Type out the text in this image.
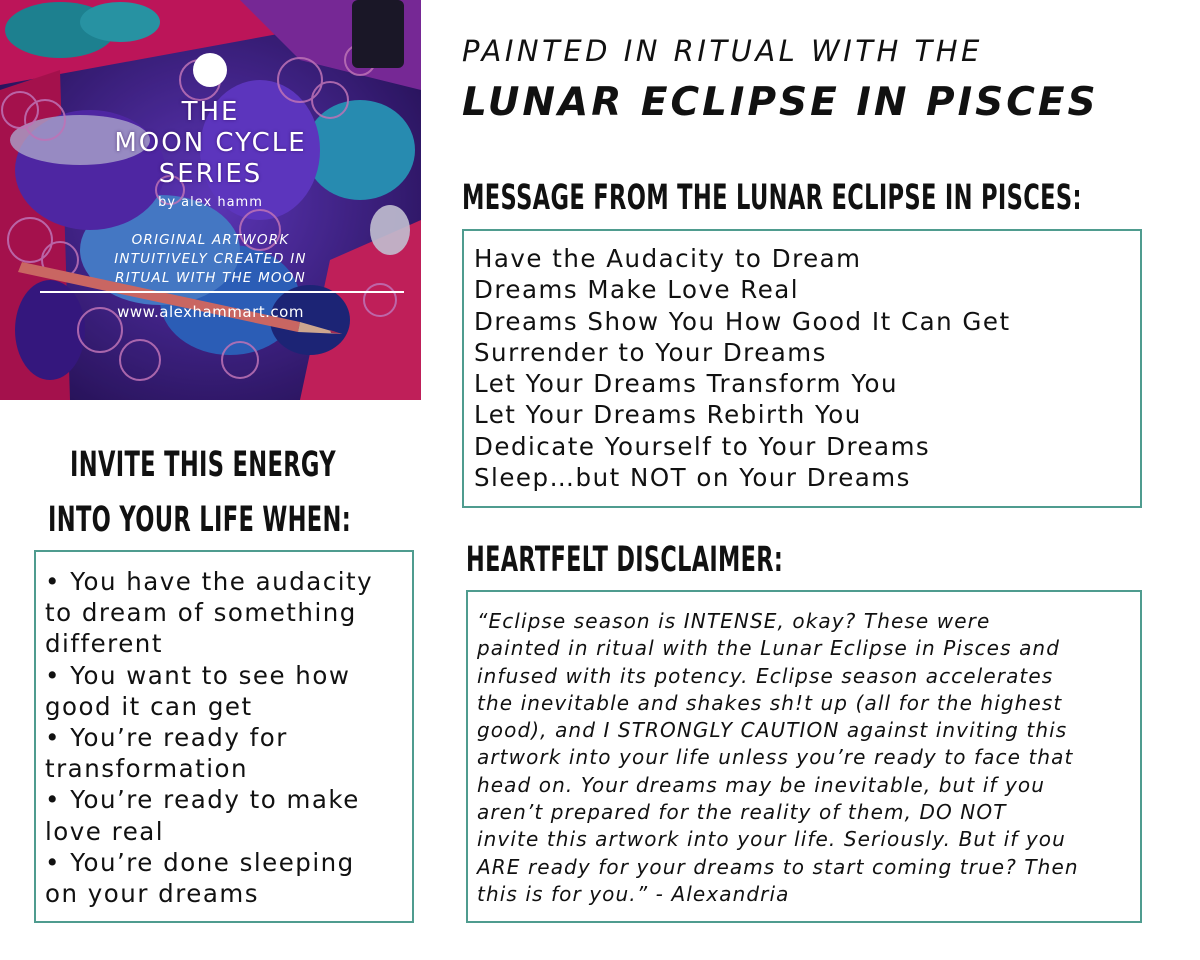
THE
MOON CYCLE
SERIES
by alex hamm
ORIGINAL ARTWORK
INTUITIVELY CREATED IN
RITUAL WITH THE MOON
www.alexhammart.com
PAINTED IN RITUAL WITH THE
LUNAR ECLIPSE IN PISCES
MESSAGE FROM THE LUNAR ECLIPSE IN PISCES:
Have the Audacity to Dream
Dreams Make Love Real
Dreams Show You How Good It Can Get
Surrender to Your Dreams
Let Your Dreams Transform You
Let Your Dreams Rebirth You
Dedicate Yourself to Your Dreams
Sleep…but NOT on Your Dreams
INVITE THIS ENERGY
INTO YOUR LIFE WHEN:
• You have the audacity
to dream of something
different
• You want to see how
good it can get
• You’re ready for
transformation
• You’re ready to make
love real
• You’re done sleeping
on your dreams
HEARTFELT DISCLAIMER:
“Eclipse season is INTENSE, okay? These were
painted in ritual with the Lunar Eclipse in Pisces and
infused with its potency. Eclipse season accelerates
the inevitable and shakes sh!t up (all for the highest
good), and I STRONGLY CAUTION against inviting this
artwork into your life unless you’re ready to face that
head on. Your dreams may be inevitable, but if you
aren’t prepared for the reality of them, DO NOT
invite this artwork into your life. Seriously. But if you
ARE ready for your dreams to start coming true? Then
this is for you.” - Alexandria
